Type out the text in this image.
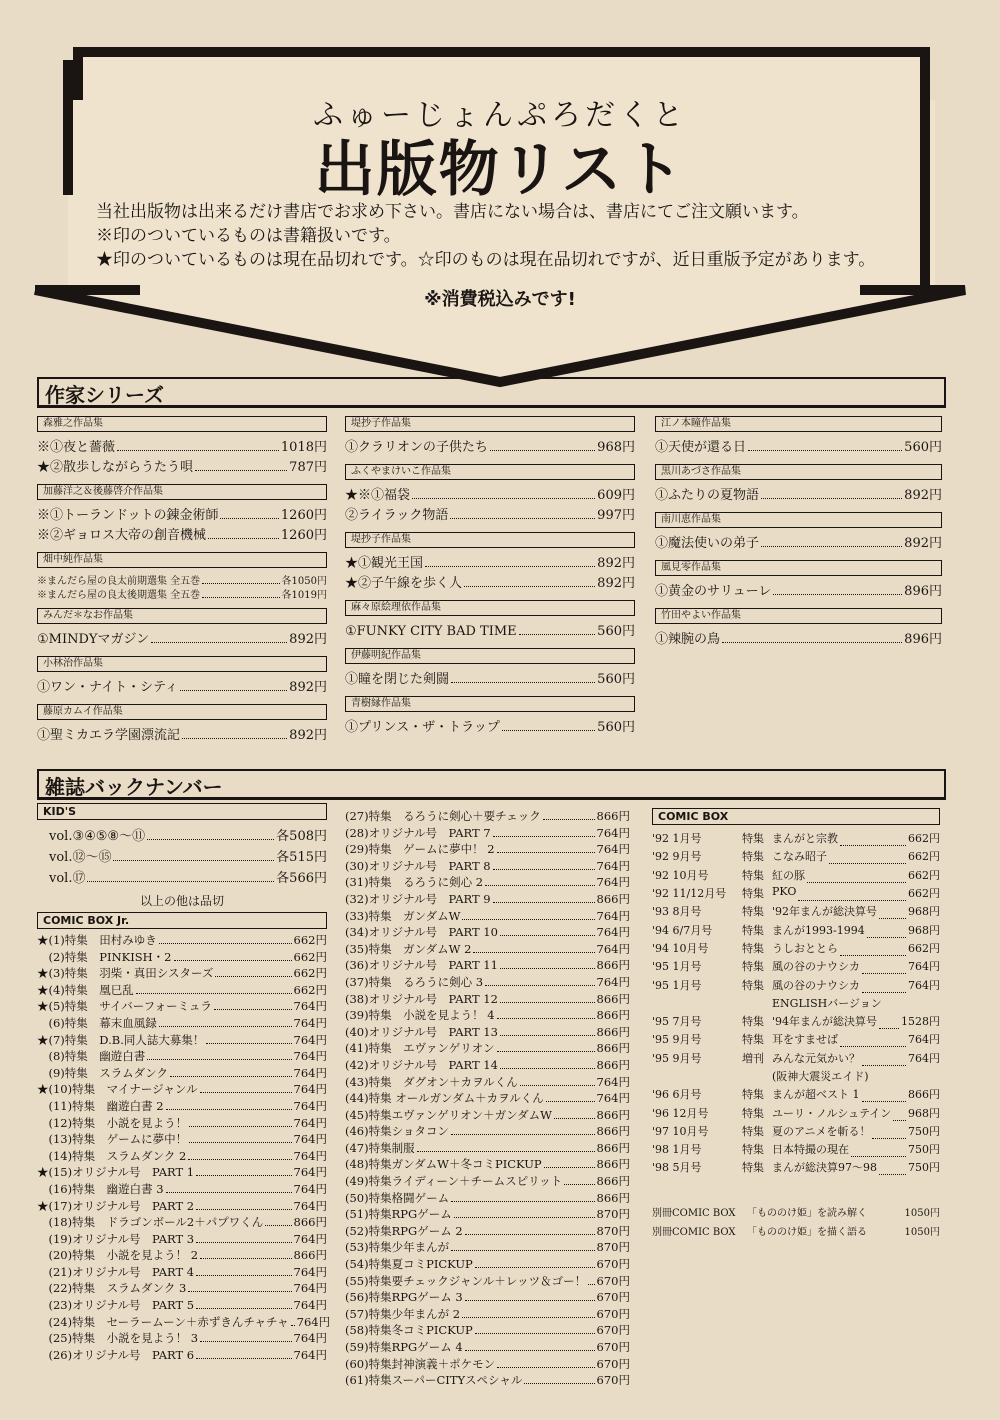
ふゅーじょんぷろだくと
出版物リスト
当社出版物は出来るだけ書店でお求め下さい。書店にない場合は、書店にてご注文願います。
※印のついているものは書籍扱いです。
★印のついているものは現在品切れです。☆印のものは現在品切れですが、近日重版予定があります。
※消費税込みです!
作家シリーズ
森雅之作品集
※①夜と薔薇	1018円
★②散歩しながらうたう唄	787円
加藤洋之＆後藤啓介作品集
※①トーランドットの錬金術師	1260円
※②ギョロス大帝の創音機械	1260円
畑中純作品集
※まんだら屋の良太前期選集 全五巻	各1050円
※まんだら屋の良太後期選集 全五巻	各1019円
みんだ＊なお作品集
①MINDYマガジン	892円
小林治作品集
①ワン・ナイト・シティ	892円
藤原カムイ作品集
①聖ミカエラ学園漂流記	892円
堤抄子作品集
①クラリオンの子供たち	968円
ふくやまけいこ作品集
★※①福袋	609円
②ライラック物語	997円
堤抄子作品集
★①観光王国	892円
★②子午線を歩く人	892円
麻々原絵理依作品集
①FUNKY CITY BAD TIME	560円
伊藤明紀作品集
①瞳を閉じた剣闘	560円
青樹縁作品集
①プリンス・ザ・トラップ	560円
江ノ本瞳作品集
①天使が還る日	560円
黒川あづさ作品集
①ふたりの夏物語	892円
南川恵作品集
①魔法使いの弟子	892円
風見零作品集
①黄金のサリューレ	896円
竹田やよい作品集
①辣腕の鳥	896円
雑誌バックナンバー
KID'S
vol.③④⑤⑧～⑪	各508円
vol.⑫～⑮	各515円
vol.⑰	各566円
以上の他は品切
COMIC BOX Jr.
★(1)特集　田村みゆき	662円
　(2)特集　PINKISH・2	662円
★(3)特集　羽柴・真田シスターズ	662円
★(4)特集　凰巳乱	662円
★(5)特集　サイバーフォーミュラ	764円
　(6)特集　幕末血風録	764円
★(7)特集　D.B.同人誌大募集！	764円
　(8)特集　幽遊白書	764円
　(9)特集　スラムダンク	764円
★(10)特集　マイナージャンル	764円
　(11)特集　幽遊白書 2	764円
　(12)特集　小説を見よう！	764円
　(13)特集　ゲームに夢中！	764円
　(14)特集　スラムダンク 2	764円
★(15)オリジナル号　PART 1	764円
　(16)特集　幽遊白書 3	764円
★(17)オリジナル号　PART 2	764円
　(18)特集　ドラゴンボール2＋パプワくん	866円
　(19)オリジナル号　PART 3	764円
　(20)特集　小説を見よう！ 2	866円
　(21)オリジナル号　PART 4	764円
　(22)特集　スラムダンク 3	764円
　(23)オリジナル号　PART 5	764円
　(24)特集　セーラームーン＋赤ずきんチャチャ 764円
　(25)特集　小説を見よう！ 3	764円
　(26)オリジナル号　PART 6	764円
(27)特集　るろうに剣心＋要チェック	866円
(28)オリジナル号　PART 7	764円
(29)特集　ゲームに夢中！ 2	764円
(30)オリジナル号　PART 8	764円
(31)特集　るろうに剣心 2	764円
(32)オリジナル号　PART 9	866円
(33)特集　ガンダムW	764円
(34)オリジナル号　PART 10	764円
(35)特集　ガンダムW 2	764円
(36)オリジナル号　PART 11	866円
(37)特集　るろうに剣心 3	764円
(38)オリジナル号　PART 12	866円
(39)特集　小説を見よう！ 4	866円
(40)オリジナル号　PART 13	866円
(41)特集　エヴァンゲリオン	866円
(42)オリジナル号　PART 14	866円
(43)特集　ダグオン＋カヲルくん	764円
(44)特集 オールガンダム＋カヲルくん	764円
(45)特集エヴァンゲリオン＋ガンダムW	866円
(46)特集ショタコン	866円
(47)特集制服	866円
(48)特集ガンダムW＋冬コミPICKUP	866円
(49)特集ライディーン＋チームスピリット	866円
(50)特集格闘ゲーム	866円
(51)特集RPGゲーム	870円
(52)特集RPGゲーム 2	870円
(53)特集少年まんが	870円
(54)特集夏コミPICKUP	670円
(55)特集要チェックジャンル＋レッツ＆ゴー！ 670円
(56)特集RPGゲーム 3	670円
(57)特集少年まんが 2	670円
(58)特集冬コミPICKUP	670円
(59)特集RPGゲーム 4	670円
(60)特集封神演義＋ポケモン	670円
(61)特集スーパーCITYスペシャル	670円
COMIC BOX
'92 1月号	特集 まんがと宗教	662円
'92 9月号	特集 こなみ昭子	662円
'92 10月号	特集 紅の豚	662円
'92 11/12月号	特集 PKO	662円
'93 8月号	特集 '92年まんが総決算号	968円
'94 6/7月号	特集 まんが1993-1994	968円
'94 10月号	特集 うしおととら	662円
'95 1月号	特集 風の谷のナウシカ	764円
'95 1月号	特集 風の谷のナウシカ	764円
ENGLISHバージョン
'95 7月号	特集 '94年まんが総決算号 1528円
'95 9月号	特集 耳をすませば	764円
'95 9月号	増刊 みんな元気かい？	764円
(阪神大震災エイド)
'96 6月号	特集 まんが超ベスト 1	866円
'96 12月号	特集 ユーリ・ノルシュテイン 968円
'97 10月号	特集 夏のアニメを斬る！	750円
'98 1月号	特集 日本特撮の現在	750円
'98 5月号	特集 まんが総決算97～98	750円
別冊COMIC BOX	「もののけ姫」を読み解く	1050円
別冊COMIC BOX	「もののけ姫」を描く語る	1050円
